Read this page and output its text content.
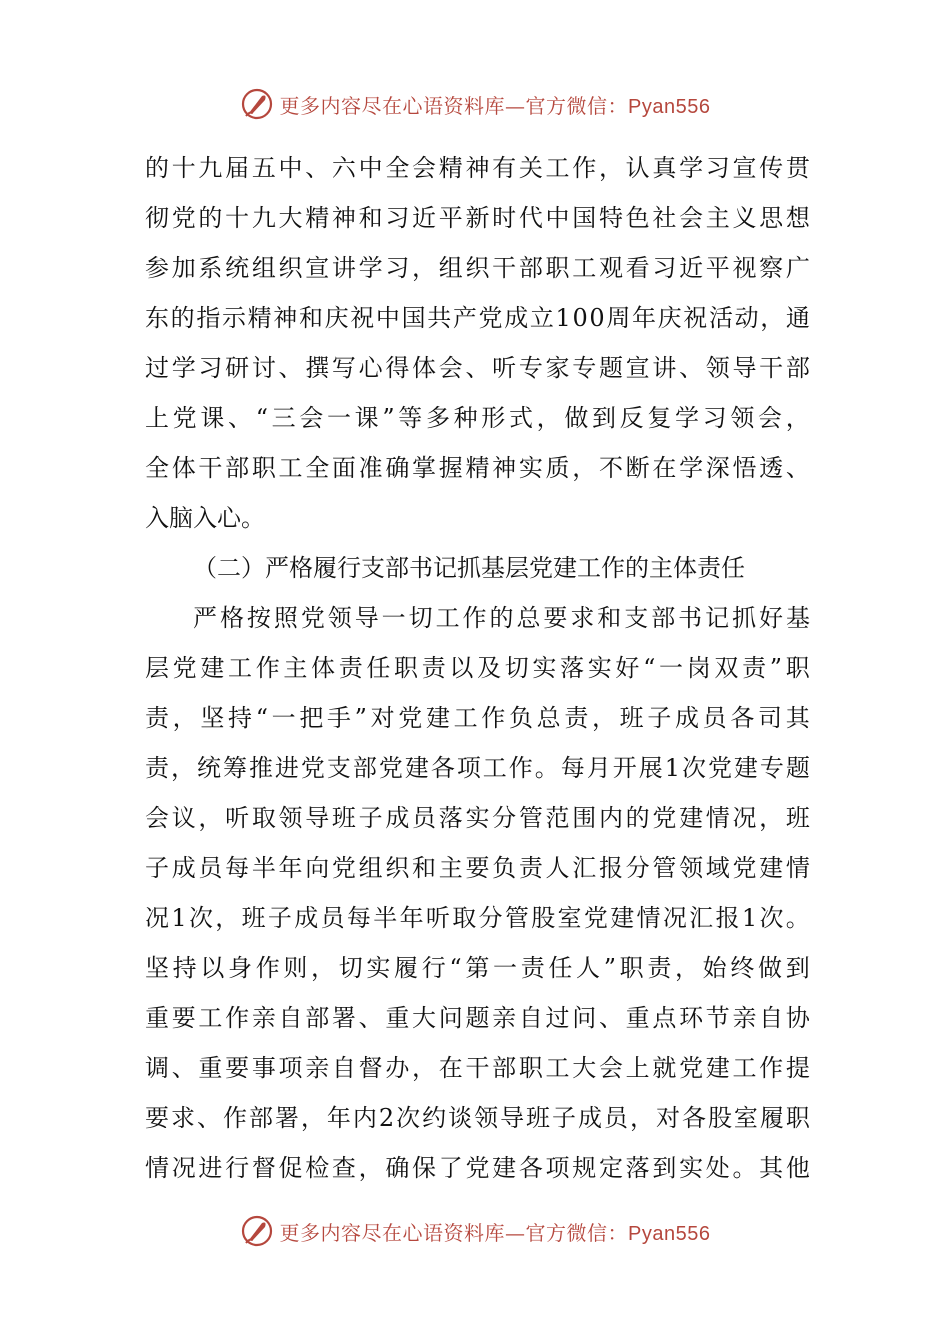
更多内容尽在心语资料库—官方微信：Pyan556
的 十 九 届 五 中 、 六 中 全 会 精 神 有 关 工 作 ， 认 真 学 习 宣 传 贯
彻 党 的 十 九 大 精 神 和 习 近 平 新 时 代 中 国 特 色 社 会 主 义 思 想
参 加 系 统 组 织 宣 讲 学 习 ， 组 织 干 部 职 工 观 看 习 近 平 视 察 广
东 的 指 示 精 神 和 庆 祝 中 国 共 产 党 成 立 1 0 0 周 年 庆 祝 活 动 ， 通
过 学 习 研 讨 、 撰 写 心 得 体 会 、 听 专 家 专 题 宣 讲 、 领 导 干 部
上 党 课 、 “ 三 会 一 课 ” 等 多 种 形 式 ， 做 到 反 复 学 习 领 会 ，
全 体 干 部 职 工 全 面 准 确 掌 握 精 神 实 质 ， 不 断 在 学 深 悟 透 、
入脑入心。
（二）严格履行支部书记抓基层党建工作的主体责任
严 格 按 照 党 领 导 一 切 工 作 的 总 要 求 和 支 部 书 记 抓 好 基
层 党 建 工 作 主 体 责 任 职 责 以 及 切 实 落 实 好 “ 一 岗 双 责 ” 职
责 ， 坚 持 “ 一 把 手 ” 对 党 建 工 作 负 总 责 ， 班 子 成 员 各 司 其
责 ， 统 筹 推 进 党 支 部 党 建 各 项 工 作 。 每 月 开 展 1 次 党 建 专 题
会 议 ， 听 取 领 导 班 子 成 员 落 实 分 管 范 围 内 的 党 建 情 况 ， 班
子 成 员 每 半 年 向 党 组 织 和 主 要 负 责 人 汇 报 分 管 领 域 党 建 情
况 1 次 ， 班 子 成 员 每 半 年 听 取 分 管 股 室 党 建 情 况 汇 报 1 次 。
坚 持 以 身 作 则 ， 切 实 履 行 “ 第 一 责 任 人 ” 职 责 ， 始 终 做 到
重 要 工 作 亲 自 部 署 、 重 大 问 题 亲 自 过 问 、 重 点 环 节 亲 自 协
调 、 重 要 事 项 亲 自 督 办 ， 在 干 部 职 工 大 会 上 就 党 建 工 作 提
要 求 、 作 部 署 ， 年 内 2 次 约 谈 领 导 班 子 成 员 ， 对 各 股 室 履 职
情 况 进 行 督 促 检 查 ， 确 保 了 党 建 各 项 规 定 落 到 实 处 。 其 他
更多内容尽在心语资料库—官方微信：Pyan556
